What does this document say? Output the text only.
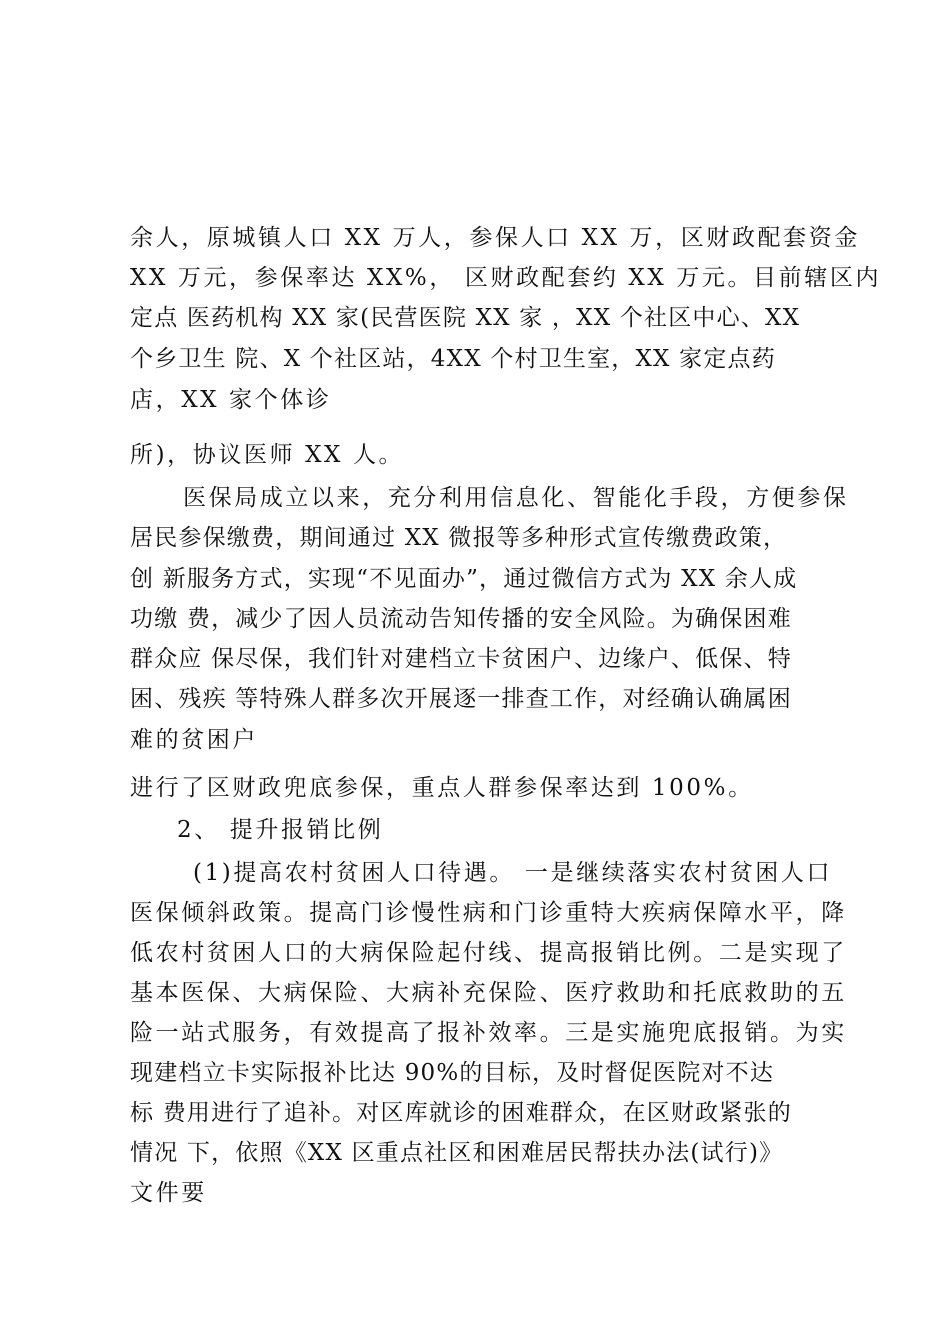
余人，原城镇人口 XX 万人，参保人口 XX 万，区财政配套资金
XX 万元，参保率达 XX%， 区财政配套约 XX 万元。目前辖区内
定点 医药机构 XX 家(民营医院 XX 家 ，XX 个社区中心、XX
个乡卫生 院、X 个社区站，4XX 个村卫生室，XX 家定点药
店，XX 家个体诊
所)，协议医师 XX 人。
医保局成立以来，充分利用信息化、智能化手段，方便参保
居民参保缴费，期间通过 XX 微报等多种形式宣传缴费政策，
创 新服务方式，实现“不见面办”，通过微信方式为 XX 余人成
功缴 费，减少了因人员流动告知传播的安全风险。为确保困难
群众应 保尽保，我们针对建档立卡贫困户、边缘户、低保、特
困、残疾 等特殊人群多次开展逐一排查工作，对经确认确属困
难的贫困户
进行了区财政兜底参保，重点人群参保率达到 100%。
2、 提升报销比例
(1)提高农村贫困人口待遇。 一是继续落实农村贫困人口
医保倾斜政策。提高门诊慢性病和门诊重特大疾病保障水平，降
低农村贫困人口的大病保险起付线、提高报销比例。二是实现了
基本医保、大病保险、大病补充保险、医疗救助和托底救助的五
险一站式服务，有效提高了报补效率。三是实施兜底报销。为实
现建档立卡实际报补比达 90%的目标，及时督促医院对不达
标 费用进行了追补。对区库就诊的困难群众，在区财政紧张的
情况 下，依照《XX 区重点社区和困难居民帮扶办法(试行)》
文件要
